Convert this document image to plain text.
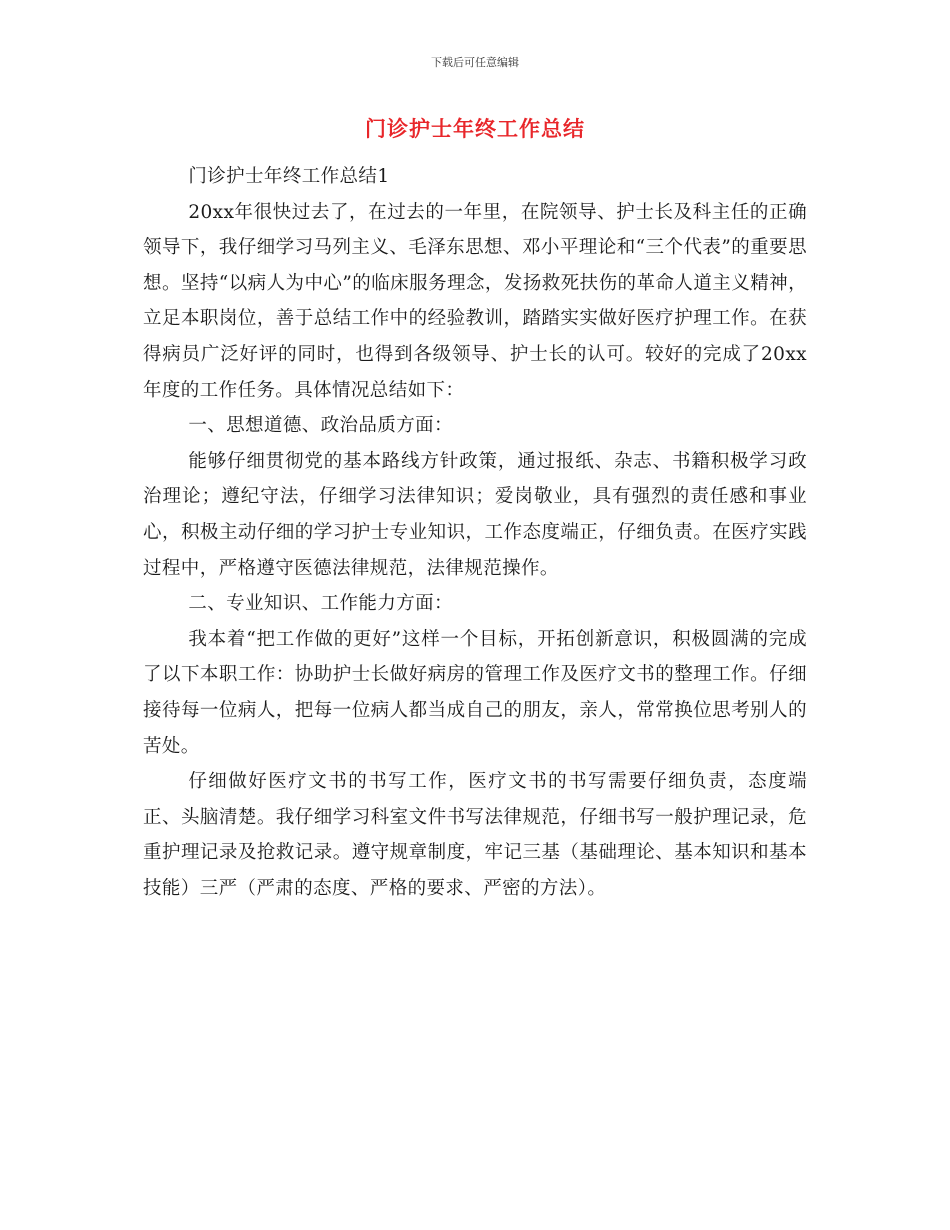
下载后可任意编辑
门诊护士年终工作总结

门诊护士年终工作总结1

20xx年很快过去了，在过去的一年里，在院领导、护士长及科主任的正确领导下，我仔细学习马列主义、毛泽东思想、邓小平理论和“三个代表”的重要思想。坚持“以病人为中心”的临床服务理念，发扬救死扶伤的革命人道主义精神，立足本职岗位，善于总结工作中的经验教训，踏踏实实做好医疗护理工作。在获得病员广泛好评的同时，也得到各级领导、护士长的认可。较好的完成了20xx年度的工作任务。具体情况总结如下：

一、思想道德、政治品质方面：

能够仔细贯彻党的基本路线方针政策，通过报纸、杂志、书籍积极学习政治理论；遵纪守法，仔细学习法律知识；爱岗敬业，具有强烈的责任感和事业心，积极主动仔细的学习护士专业知识，工作态度端正，仔细负责。在医疗实践过程中，严格遵守医德法律规范，法律规范操作。

二、专业知识、工作能力方面：

我本着“把工作做的更好”这样一个目标，开拓创新意识，积极圆满的完成了以下本职工作：协助护士长做好病房的管理工作及医疗文书的整理工作。仔细接待每一位病人，把每一位病人都当成自己的朋友，亲人，常常换位思考别人的苦处。

仔细做好医疗文书的书写工作，医疗文书的书写需要仔细负责，态度端正、头脑清楚。我仔细学习科室文件书写法律规范，仔细书写一般护理记录，危重护理记录及抢救记录。遵守规章制度，牢记三基（基础理论、基本知识和基本技能）三严（严肃的态度、严格的要求、严密的方法）。
